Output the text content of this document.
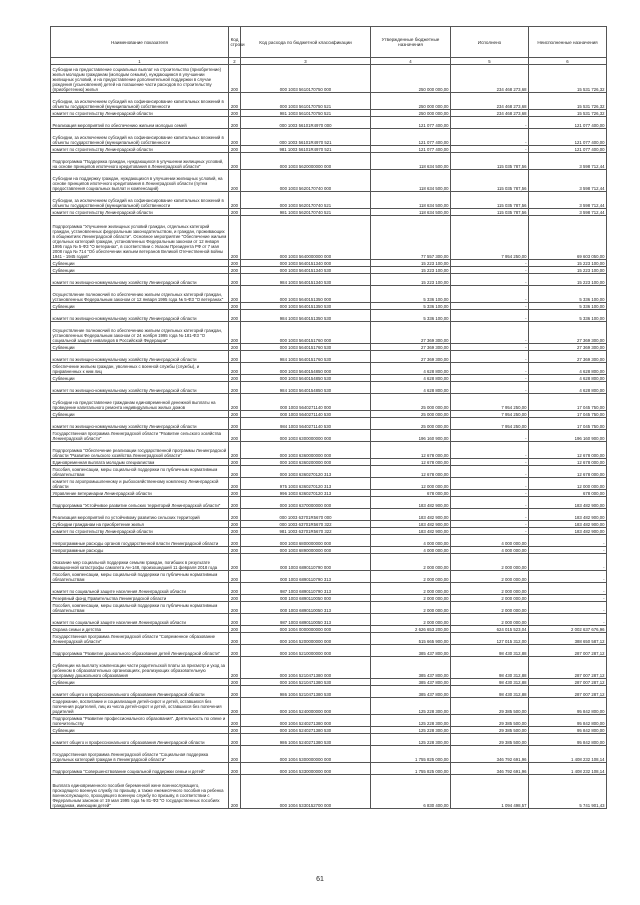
Наименование показателя	Код строки	Код расхода по бюджетной классификации	Утвержденные бюджетные назначения	Исполнено	Неисполненные назначения
1	2	3	4	5	6
Субсидии на предоставление социальных выплат на строительство (приобретение) жилья молодым гражданам (молодым семьям), нуждающимся в улучшении жилищных условий, и на предоставление дополнительной поддержки в случае рождения (усыновления) детей на погашение части расходов по строительству (приобретению) жилья	200	000 1003 5610170750 000	250 000 000,00	234 468 273,68	15 531 726,32
Субсидии, за исключением субсидий на софинансирование капитальных вложений в объекты государственной (муниципальной) собственности	200	000 1003 5610170750 521	250 000 000,00	234 468 273,68	15 531 726,32
комитет по строительству Ленинградской области	200	981 1003 5610170750 521	250 000 000,00	234 468 273,68	15 531 726,32
Реализация мероприятий по обеспечению жильем молодых семей	200	000 1003 56101R4970 000	121 077 400,00	-	121 077 400,00
Субсидии, за исключением субсидий на софинансирование капитальных вложений в объекты государственной (муниципальной) собственности	200	000 1003 56101R4970 521	121 077 400,00	-	121 077 400,00
комитет по строительству Ленинградской области	200	981 1003 56101R4970 521	121 077 400,00	-	121 077 400,00
Подпрограмма "Поддержка граждан, нуждающихся в улучшении жилищных условий, на основе принципов ипотечного кредитования в Ленинградской области"	200	000 1003 5620000000 000	118 634 500,00	115 035 787,56	3 598 712,44
Субсидии на поддержку граждан, нуждающихся в улучшении жилищных условий, на основе принципов ипотечного кредитования в Ленинградской области (путем предоставления социальных выплат и компенсаций)	200	000 1003 5620170740 000	118 634 500,00	115 035 787,56	3 598 712,44
Субсидии, за исключением субсидий на софинансирование капитальных вложений в объекты государственной (муниципальной) собственности	200	000 1003 5620170740 521	118 634 500,00	115 035 787,56	3 598 712,44
комитет по строительству Ленинградской области	200	981 1003 5620170740 521	118 634 500,00	115 035 787,56	3 598 712,44
Подпрограмма "Улучшение жилищных условий граждан, отдельных категорий граждан, установленных федеральным законодательством, и граждан, проживающих в общежитиях Ленинградской области". Основное мероприятие "Обеспечение жильем отдельных категорий граждан, установленных Федеральным законом от 12 января 1995 года № 5-ФЗ "О ветеранах", в соответствии с Указом Президента РФ от 7 мая 2008 года № 714 "Об обеспечении жильем ветеранов Великой Отечественной войны 1941 - 1945 годов"	200	000 1003 5640000000 000	77 557 300,00	7 954 250,00	69 603 050,00
Субвенции	200	000 1003 5640151340 000	15 223 100,00	-	15 223 100,00
Субвенции	200	000 1003 5640151340 530	15 223 100,00	-	15 223 100,00
комитет по жилищно-коммунальному хозяйству Ленинградской области	200	984 1003 5640151340 530	15 223 100,00	-	15 223 100,00
Осуществление полномочий по обеспечению жильем отдельных категорий граждан, установленных Федеральным законом от 12 января 1995 года № 5-ФЗ "О ветеранах"	200	000 1003 5640151350 000	5 336 100,00	-	5 336 100,00
Субвенции	200	000 1003 5640151350 530	5 336 100,00	-	5 336 100,00
комитет по жилищно-коммунальному хозяйству Ленинградской области	200	984 1003 5640151350 530	5 336 100,00	-	5 336 100,00
Осуществление полномочий по обеспечению жильем отдельных категорий граждан, установленных Федеральным законом от 24 ноября 1995 года № 181-ФЗ "О социальной защите инвалидов в Российской Федерации"	200	000 1003 5640151760 000	27 369 300,00	-	27 369 300,00
Субвенции	200	000 1003 5640151760 530	27 369 300,00	-	27 369 300,00
комитет по жилищно-коммунальному хозяйству Ленинградской области	200	984 1003 5640151760 530	27 369 300,00	-	27 369 300,00
Обеспечение жильем граждан, уволенных с военной службы (службы), и приравненных к ним лиц	200	000 1003 5640154850 000	4 628 800,00	-	4 628 800,00
Субвенции	200	000 1003 5640154850 530	4 628 800,00	-	4 628 800,00
комитет по жилищно-коммунальному хозяйству Ленинградской области	200	984 1003 5640154850 530	4 628 800,00	-	4 628 800,00
Субсидии на предоставление гражданам единовременной денежной выплаты на проведение капитального ремонта индивидуальных жилых домов	200	000 1003 5640271140 000	25 000 000,00	7 954 250,00	17 045 750,00
Субвенции	200	000 1003 5640271140 530	25 000 000,00	7 954 250,00	17 045 750,00
комитет по жилищно-коммунальному хозяйству Ленинградской области	200	984 1003 5640271140 530	25 000 000,00	7 954 250,00	17 045 750,00
Государственная программа Ленинградской области "Развитие сельского хозяйства Ленинградской области"	200	000 1003 6300000000 000	196 160 900,00	-	196 160 900,00
Подпрограмма "Обеспечение реализации государственной программы Ленинградской области "Развитие сельского хозяйства Ленинградской области"	200	000 1003 6360000000 000	12 678 000,00	-	12 678 000,00
Единовременная выплата молодым специалистам	200	000 1003 6360200000 000	12 678 000,00	-	12 678 000,00
Пособия, компенсации, меры социальной поддержки по публичным нормативным обязательствам	200	000 1003 6360270120 313	12 678 000,00	-	12 678 000,00
комитет по агропромышленному и рыбохозяйственному комплексу Ленинградской области	200	975 1003 6360270120 313	12 000 000,00	-	12 000 000,00
Управление ветеринарии Ленинградской области	200	996 1003 6360270120 313	678 000,00	-	678 000,00
Подпрограмма "Устойчивое развитие сельских территорий Ленинградской области"	200	000 1003 6370000000 000	183 482 900,00	-	183 482 900,00
Реализация мероприятий по устойчивому развитию сельских территорий	200	000 1003 63701R5670 000	183 482 900,00	-	183 482 900,00
Субсидии гражданам на приобретение жилья	200	000 1003 63701R5670 322	183 482 900,00	-	183 482 900,00
комитет по строительству Ленинградской области	200	981 1003 63701R5670 322	183 482 900,00	-	183 482 900,00
Непрограммные расходы органов государственной власти Ленинградской области	200	000 1003 6800000000 000	4 000 000,00	4 000 000,00	-
Непрограммные расходы	200	000 1003 6890000000 000	4 000 000,00	4 000 000,00	-
Оказание мер социальной поддержки семьям граждан, погибших в результате авиационной катастрофы самолета Ан-148, произошедшей 11 февраля 2018 года	200	000 1003 6890110790 000	2 000 000,00	2 000 000,00	-
Пособия, компенсации, меры социальной поддержки по публичным нормативным обязательствам	200	000 1003 6890110790 313	2 000 000,00	2 000 000,00	-
комитет по социальной защите населения Ленинградской области	200	987 1003 6890110790 313	2 000 000,00	2 000 000,00	-
Резервный фонд Правительства Ленинградской области	200	000 1003 6890110050 000	2 000 000,00	2 000 000,00	-
Пособия, компенсации, меры социальной поддержки по публичным нормативным обязательствам	200	000 1003 6890110050 313	2 000 000,00	2 000 000,00	-
комитет по социальной защите населения Ленинградской области	200	987 1003 6890110050 313	2 000 000,00	2 000 000,00	-
Охрана семьи и детства	200	000 1004 0000000000 000	2 626 653 200,00	624 015 523,04	2 002 637 676,96
Государственная программа Ленинградской области "Современное образование Ленинградской области"	200	000 1004 5200000000 000	515 665 900,00	127 015 312,00	388 650 587,12
Подпрограмма "Развитие дошкольного образования детей Ленинградской области"	200	000 1004 5210000000 000	385 437 800,00	98 430 312,88	287 007 287,12
Субвенции на выплату компенсации части родительской платы за присмотр и уход за ребенком в образовательных организациях, реализующих образовательную программу дошкольного образования	200	000 1004 5210471380 000	385 437 800,00	98 430 312,88	287 007 287,12
Субвенции	200	000 1004 5210471380 530	385 437 800,00	98 430 312,88	287 007 287,12
комитет общего и профессионального образования Ленинградской области	200	986 1004 5210471380 530	385 437 800,00	98 430 312,88	287 007 287,12
Содержание, воспитание и социализация детей-сирот и детей, оставшихся без попечения родителей, лиц из числа детей-сирот и детей, оставшихся без попечения родителей	200	000 1004 5240000000 000	125 228 300,00	29 385 500,00	95 842 800,00
Подпрограмма "Развитие профессионального образования". Деятельность по опеке и попечительству	200	000 1004 5240271380 000	125 228 300,00	29 385 500,00	95 842 800,00
Субвенции	200	000 1004 5240271380 530	125 228 300,00	29 385 500,00	95 842 800,00
комитет общего и профессионального образования Ленинградской области	200	986 1004 5240271380 530	125 228 300,00	29 385 500,00	95 842 800,00
Государственная программа Ленинградской области "Социальная поддержка отдельных категорий граждан в Ленинградской области"	200	000 1004 5300000000 000	1 755 825 000,00	346 792 691,96	1 408 232 108,14
Подпрограмма "Совершенствование социальной поддержки семьи и детей"	200	000 1004 5330000000 000	1 755 825 000,00	346 792 691,96	1 408 232 108,14
Выплата единовременного пособия беременной жене военнослужащего, проходящего военную службу по призыву, а также ежемесячного пособия на ребенка военнослужащего, проходящего военную службу по призыву, в соответствии с Федеральным законом от 19 мая 1995 года № 81-ФЗ "О государственных пособиях гражданам, имеющим детей"	200	000 1004 5330152700 000	6 830 400,00	1 094 498,57	5 741 901,43
61
